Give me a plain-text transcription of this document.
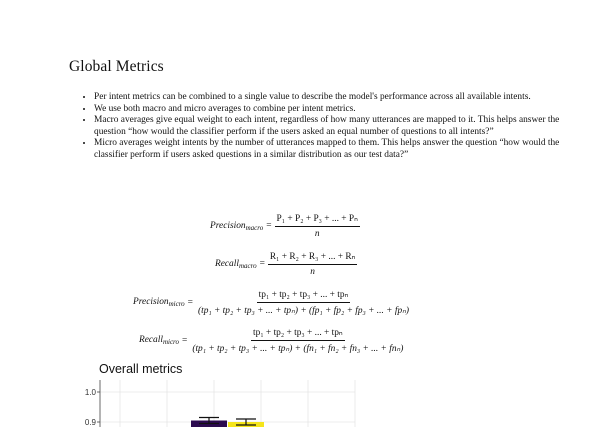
Global Metrics
• Per intent metrics can be combined to a single value to describe the model's performance across all available intents.
• We use both macro and micro averages to combine per intent metrics.
• Macro averages give equal weight to each intent, regardless of how many utterances are mapped to it. This helps answer the question “how would the classifier perform if the users asked an equal number of questions to all intents?”
• Micro averages weight intents by the number of utterances mapped to them. This helps answer the question “how would the classifier perform if users asked questions in a similar distribution as our test data?”
Precision$_{macro}$ = $\frac{\text{P₁ + P₂ + P₃ + ... + Pₙ}}{n}$
Recall$_{macro}$ = $\frac{\text{R₁ + R₂ + R₃ + ... + Rₙ}}{n}$
Precision$_{micro}$ =
tp₁ + tp₂ + tp₃ + ... + tpₙ
(tp₁ + tp₂ + tp₃ + ... + tpₙ) + (fp₁ + fp₂ + fp₃ + ... + fpₙ)
Recall$_{micro}$ =
tp₁ + tp₂ + tp₃ + ... + tpₙ
(tp₁ + tp₂ + tp₃ + ... + tpₙ) + (fn₁ + fn₂ + fn₃ + ... + fnₙ)
Overall metrics
1.0
0.9
